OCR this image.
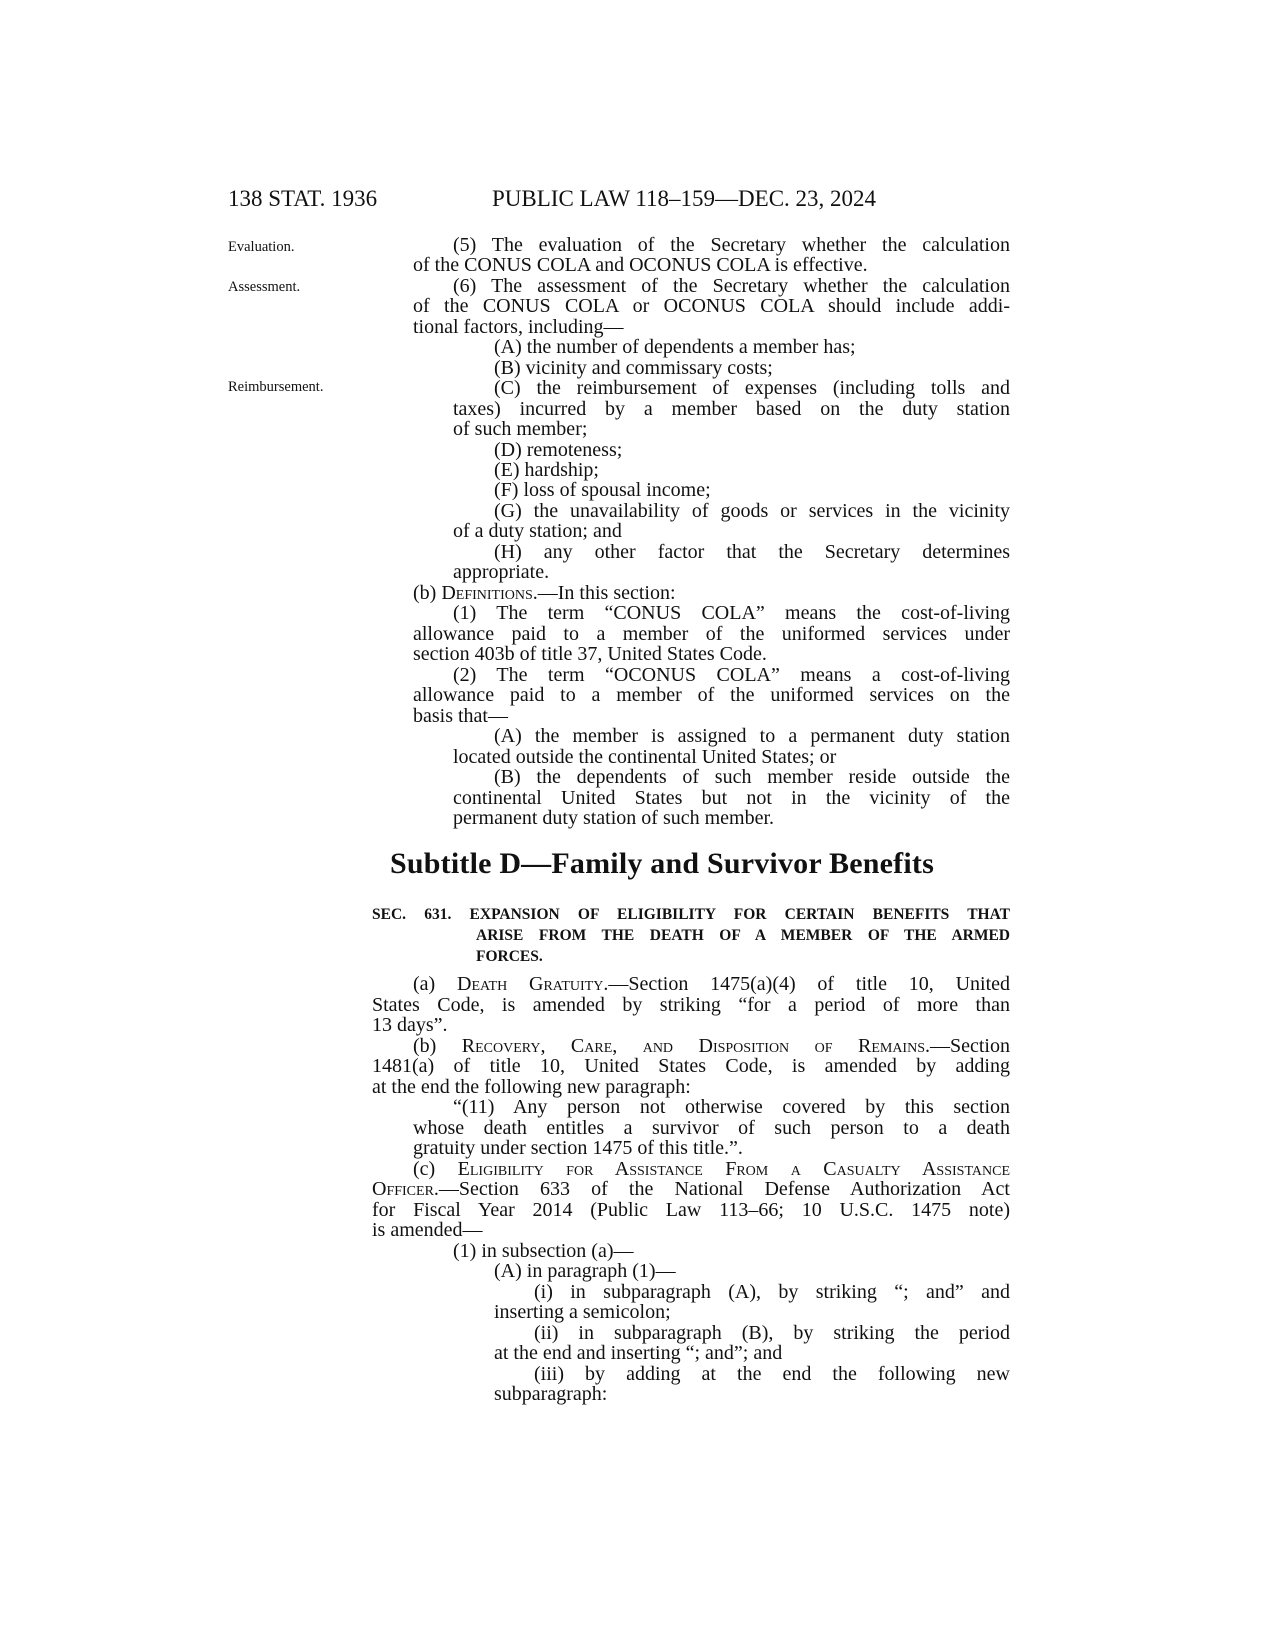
138 STAT. 1936	PUBLIC LAW 118–159—DEC. 23, 2024
Evaluation.
Assessment.
Reimbursement.
(5) The evaluation of the Secretary whether the calculation
of the CONUS COLA and OCONUS COLA is effective.
(6) The assessment of the Secretary whether the calculation
of the CONUS COLA or OCONUS COLA should include addi-
tional factors, including—
(A) the number of dependents a member has;
(B) vicinity and commissary costs;
(C) the reimbursement of expenses (including tolls and
taxes) incurred by a member based on the duty station
of such member;
(D) remoteness;
(E) hardship;
(F) loss of spousal income;
(G) the unavailability of goods or services in the vicinity
of a duty station; and
(H) any other factor that the Secretary determines
appropriate.
(b) Definitions.—In this section:
(1) The term “CONUS COLA” means the cost-of-living
allowance paid to a member of the uniformed services under
section 403b of title 37, United States Code.
(2) The term “OCONUS COLA” means a cost-of-living
allowance paid to a member of the uniformed services on the
basis that—
(A) the member is assigned to a permanent duty station
located outside the continental United States; or
(B) the dependents of such member reside outside the
continental United States but not in the vicinity of the
permanent duty station of such member.
Subtitle D—Family and Survivor Benefits
SEC. 631. EXPANSION OF ELIGIBILITY FOR CERTAIN BENEFITS THAT
ARISE FROM THE DEATH OF A MEMBER OF THE ARMED
FORCES.
(a) Death Gratuity.—Section 1475(a)(4) of title 10, United
States Code, is amended by striking “for a period of more than
13 days”.
(b) Recovery, Care, and Disposition of Remains.—Section
1481(a) of title 10, United States Code, is amended by adding
at the end the following new paragraph:
“(11) Any person not otherwise covered by this section
whose death entitles a survivor of such person to a death
gratuity under section 1475 of this title.”.
(c) Eligibility for Assistance From a Casualty Assistance
Officer.—Section 633 of the National Defense Authorization Act
for Fiscal Year 2014 (Public Law 113–66; 10 U.S.C. 1475 note)
is amended—
(1) in subsection (a)—
(A) in paragraph (1)—
(i) in subparagraph (A), by striking “; and” and
inserting a semicolon;
(ii) in subparagraph (B), by striking the period
at the end and inserting “; and”; and
(iii) by adding at the end the following new
subparagraph:
